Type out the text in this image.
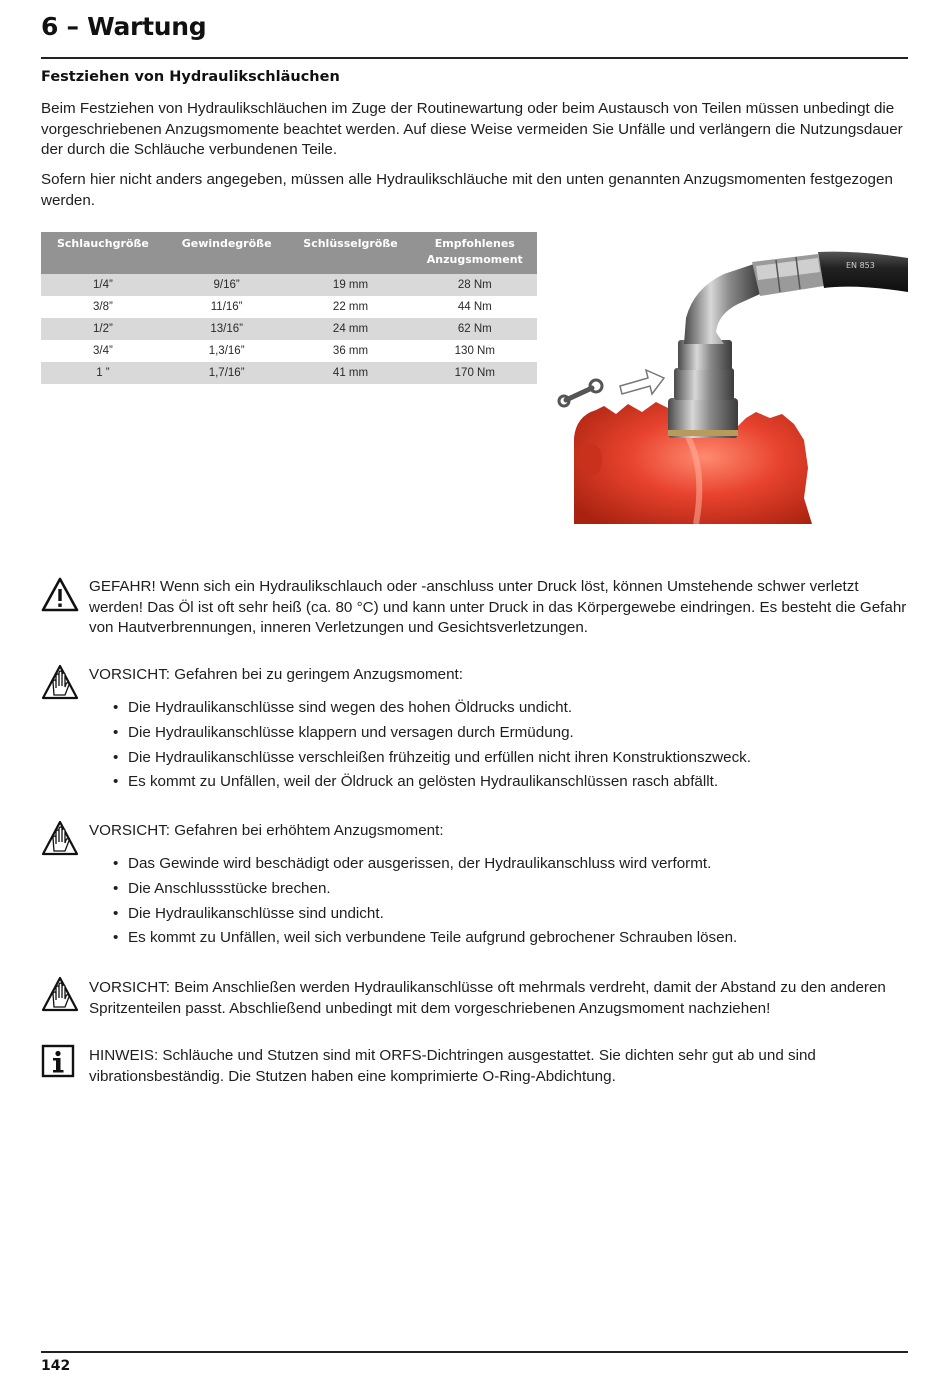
6 – Wartung
Festziehen von Hydraulikschläuchen

Beim Festziehen von Hydraulikschläuchen im Zuge der Routinewartung oder beim Austausch von Teilen müssen unbedingt die vorgeschriebenen Anzugsmomente beachtet werden. Auf diese Weise vermeiden Sie Unfälle und verlängern die Nutzungsdauer der durch die Schläuche verbundenen Teile.

Sofern hier nicht anders angegeben, müssen alle Hydraulikschläuche mit den unten genannten Anzugsmomenten festgezogen werden.

Schlauchgröße	Gewindegröße	Schlüsselgröße	Empfohlenes Anzugsmoment
1/4”	9/16”	19 mm	28 Nm
3/8”	11/16”	22 mm	44 Nm
1/2”	13/16”	24 mm	62 Nm
3/4”	1,3/16”	36 mm	130 Nm
1 ”	1,7/16”	41 mm	170 Nm
EN 853
GEFAHR! Wenn sich ein Hydraulikschlauch oder -anschluss unter Druck löst, können Umstehende schwer verletzt werden! Das Öl ist oft sehr heiß (ca. 80 °C) und kann unter Druck in das Körpergewebe eindringen. Es besteht die Gefahr von Hautverbrennungen, inneren Verletzungen und Gesichtsverletzungen.
VORSICHT: Gefahren bei zu geringem Anzugsmoment:
• Die Hydraulikanschlüsse sind wegen des hohen Öldrucks undicht.
• Die Hydraulikanschlüsse klappern und versagen durch Ermüdung.
• Die Hydraulikanschlüsse verschleißen frühzeitig und erfüllen nicht ihren Konstruktionszweck.
• Es kommt zu Unfällen, weil der Öldruck an gelösten Hydraulikanschlüssen rasch abfällt.
VORSICHT: Gefahren bei erhöhtem Anzugsmoment:
• Das Gewinde wird beschädigt oder ausgerissen, der Hydraulikanschluss wird verformt.
• Die Anschlussstücke brechen.
• Die Hydraulikanschlüsse sind undicht.
• Es kommt zu Unfällen, weil sich verbundene Teile aufgrund gebrochener Schrauben lösen.
VORSICHT: Beim Anschließen werden Hydraulikanschlüsse oft mehrmals verdreht, damit der Abstand zu den anderen Spritzenteilen passt. Abschließend unbedingt mit dem vorgeschriebenen Anzugsmoment nachziehen!
HINWEIS: Schläuche und Stutzen sind mit ORFS-Dichtringen ausgestattet. Sie dichten sehr gut ab und sind vibrationsbeständig. Die Stutzen haben eine komprimierte O-Ring-Abdichtung.
142
